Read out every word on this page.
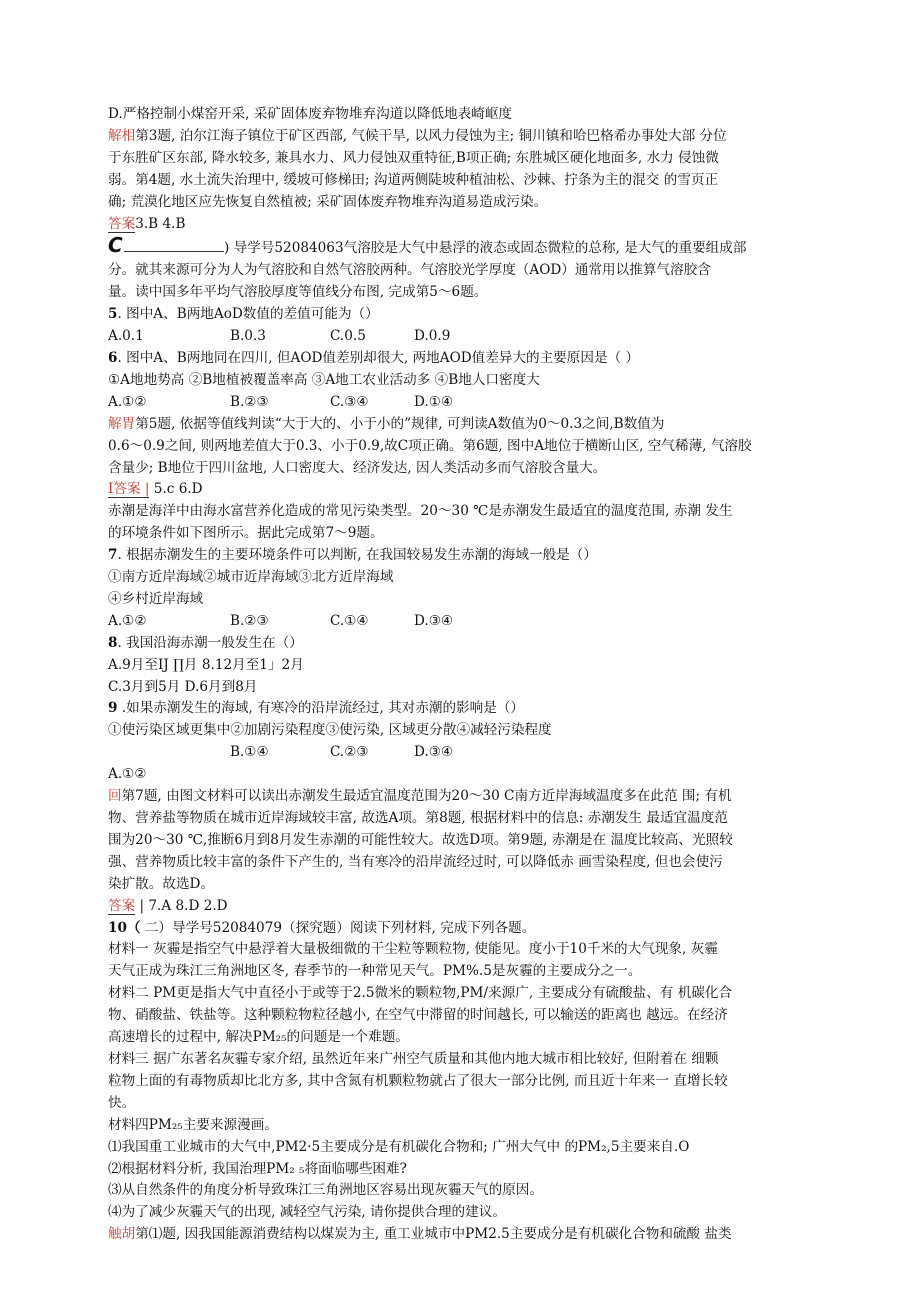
D.严格控制小煤窑开采, 采矿固体废弃物堆弃沟道以降低地表崎岖度
解相第3题, 泊尔江海子镇位于矿区西部, 气候干旱, 以风力侵蚀为主; 铜川镇和哈巴格希办事处大部 分位
于东胜矿区东部, 降水较多, 兼具水力、风力侵蚀双重特征,B项正确; 东胜城区硬化地面多, 水力 侵蚀微
弱。第4题, 水土流失治理中, 缓坡可修梯田; 沟道两侧陡坡种植油松、沙棘、拧条为主的混交 的雪页正
确; 荒漠化地区应先恢复自然植被; 采矿固体废弃物堆弃沟道易造成污染。
答案3.B 4.B
C	) 导学号52084063气溶胶是大气中悬浮的液态或固态微粒的总称, 是大气的重要组成部
分。就其来源可分为人为气溶胶和自然气溶胶两种。气溶胶光学厚度（AOD）通常用以推算气溶胶含
量。读中国多年平均气溶胶厚度等值线分布图, 完成第5～6题。
5. 图中A、B两地AoD数值的差值可能为（）
A.0.1	B.0.3	C.0.5	D.0.9
6. 图中A、B两地同在四川, 但AOD值差别却很大, 两地AOD值差异大的主要原因是（ ）
①A地地势高 ②B地植被覆盖率高 ③A地工农业活动多 ④B地人口密度大
A.①②	B.②③	C.③④	D.①④
解胃第5题, 依据等值线判读“大于大的、小于小的”规律, 可判读A数值为0～0.3之间,B数值为
0.6～0.9之间, 则两地差值大于0.3、小于0.9,故C项正确。第6题, 图中A地位于横断山区, 空气稀薄, 气溶胶
含量少; B地位于四川盆地, 人口密度大、经济发达, 因人类活动多而气溶胶含量大。
I答案 | 5.c 6.D
赤潮是海洋中由海水富营养化造成的常见污染类型。20～30 ℃是赤潮发生最适宜的温度范围, 赤潮 发生
的环境条件如下图所示。据此完成第7～9题。
7. 根据赤潮发生的主要环境条件可以判断, 在我国较易发生赤潮的海域一般是（）
①南方近岸海域②城市近岸海域③北方近岸海域
④乡村近岸海域
A.①②	B.②③	C.①④	D.③④
8. 我国沿海赤潮一般发生在（）
A.9月至IJ ∏月 8.12月至1」2月
C.3月到5月 D.6月到8月
9 .如果赤潮发生的海域, 有寒冷的沿岸流经过, 其对赤潮的影响是（）
①使污染区域更集中②加剧污染程度③使污染, 区域更分散④减轻污染程度
B.①④	C.②③	D.③④
A.①②
回第7题, 由图文材料可以读出赤潮发生最适宜温度范围为20～30 C南方近岸海域温度多在此范 围; 有机
物、营养盐等物质在城市近岸海域较丰富, 故选A项。第8题, 根据材料中的信息: 赤潮发生 最适宜温度范
围为20～30 ℃,推断6月到8月发生赤潮的可能性较大。故选D项。第9题, 赤潮是在 温度比较高、光照较
强、营养物质比较丰富的条件下产生的, 当有寒冷的沿岸流经过时, 可以降低赤 画雪染程度, 但也会使污
染扩散。故选D。
答案 | 7.A 8.D 2.D
10（ 二）导学号52084079（探究题）阅读下列材料, 完成下列各题。
材料一 灰霾是指空气中悬浮着大量极细微的干尘粒等颗粒物, 使能见。度小于10千米的大气现象, 灰霾
天气正成为珠江三角洲地区冬, 春季节的一种常见天气。PM%.5是灰霾的主要成分之一。
材料二 PM更是指大气中直径小于或等于2.5微米的颗粒物,PM/来源广, 主要成分有硫酸盐、有 机碳化合
物、硝酸盐、铁盐等。这种颗粒物粒径越小, 在空气中滞留的时间越长, 可以输送的距离也 越远。在经济
高速增长的过程中, 解决PM₂₅的问题是一个难题。
材料三 据广东著名灰霾专家介绍, 虽然近年来广州空气质量和其他内地大城市相比较好, 但附着在 细颗
粒物上面的有毒物质却比北方多, 其中含氮有机颗粒物就占了很大一部分比例, 而且近十年来一 直增长较
快。
材料四PM₂₅主要来源漫画。
⑴我国重工业城市的大气中,PM2·5主要成分是有机碳化合物和; 广州大气中 的PM₂,5主要来自.O
⑵根据材料分析, 我国治理PM₂ ₅将面临哪些困难?
⑶从自然条件的角度分析导致珠江三角洲地区容易出现灰霾天气的原因。
⑷为了减少灰霾天气的出现, 减轻空气污染, 请你提供合理的建议。
触胡第⑴题, 因我国能源消费结构以煤炭为主, 重工业城市中PM2.5主要成分是有机碳化合物和硫酸 盐类
